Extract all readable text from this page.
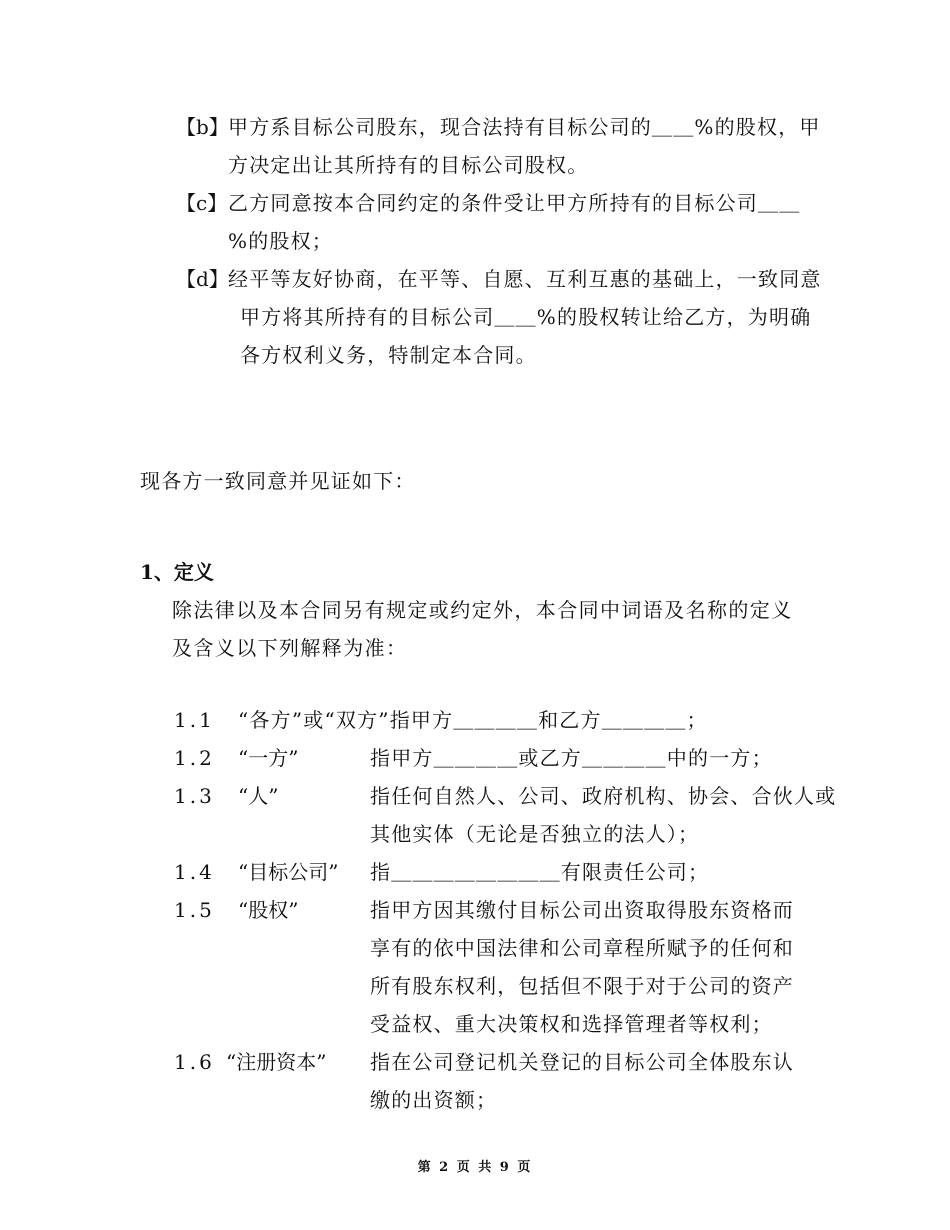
【b】 甲方系目标公司股东，现合法持有目标公司的＿＿%的股权，甲
方决定出让其所持有的目标公司股权。
【c】 乙方同意按本合同约定的条件受让甲方所持有的目标公司＿＿
%的股权；
【d】 经平等友好协商，在平等、自愿、互利互惠的基础上，一致同意
甲方将其所持有的目标公司＿＿%的股权转让给乙方，为明确
各方权利义务，特制定本合同。
现各方一致同意并见证如下：
1、定义
除法律以及本合同另有规定或约定外，本合同中词语及名称的定义
及含义以下列解释为准：
1.1 “各方”或“双方”指甲方＿＿＿＿和乙方＿＿＿＿；
1.2 “一方”	指甲方＿＿＿＿或乙方＿＿＿＿中的一方；
1.3 “人”	指任何自然人、公司、政府机构、协会、合伙人或
其他实体（无论是否独立的法人）；
1.4 “目标公司” 指＿＿＿＿＿＿＿＿有限责任公司；
1.5 “股权”	指甲方因其缴付目标公司出资取得股东资格而
享有的依中国法律和公司章程所赋予的任何和
所有股东权利，包括但不限于对于公司的资产
受益权、重大决策权和选择管理者等权利；
1.6 “注册资本” 指在公司登记机关登记的目标公司全体股东认
缴的出资额；
第 2 页 共 9 页
